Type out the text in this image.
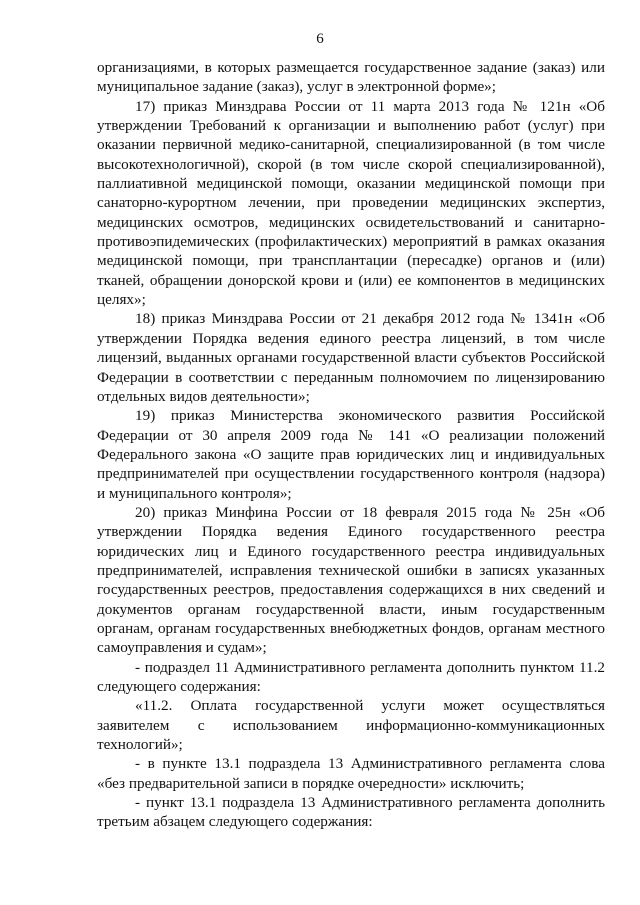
6

организациями, в которых размещается государственное задание (заказ) или муниципальное задание (заказ), услуг в электронной форме»;

17) приказ Минздрава России от 11 марта 2013 года № 121н «Об утверждении Требований к организации и выполнению работ (услуг) при оказании первичной медико-санитарной, специализированной (в том числе высокотехнологичной), скорой (в том числе скорой специализированной), паллиативной медицинской помощи, оказании медицинской помощи при санаторно-курортном лечении, при проведении медицинских экспертиз, медицинских осмотров, медицинских освидетельствований и санитарно-противоэпидемических (профилактических) мероприятий в рамках оказания медицинской помощи, при трансплантации (пересадке) органов и (или) тканей, обращении донорской крови и (или) ее компонентов в медицинских целях»;

18) приказ Минздрава России от 21 декабря 2012 года № 1341н «Об утверждении Порядка ведения единого реестра лицензий, в том числе лицензий, выданных органами государственной власти субъектов Российской Федерации в соответствии с переданным полномочием по лицензированию отдельных видов деятельности»;

19) приказ Министерства экономического развития Российской Федерации от 30 апреля 2009 года № 141 «О реализации положений Федерального закона «О защите прав юридических лиц и индивидуальных предпринимателей при осуществлении государственного контроля (надзора) и муниципального контроля»;

20) приказ Минфина России от 18 февраля 2015 года № 25н «Об утверждении Порядка ведения Единого государственного реестра юридических лиц и Единого государственного реестра индивидуальных предпринимателей, исправления технической ошибки в записях указанных государственных реестров, предоставления содержащихся в них сведений и документов органам государственной власти, иным государственным органам, органам государственных внебюджетных фондов, органам местного самоуправления и судам»;

- подраздел 11 Административного регламента дополнить пунктом 11.2 следующего содержания:

«11.2. Оплата государственной услуги может осуществляться заявителем с использованием информационно-коммуникационных технологий»;

- в пункте 13.1 подраздела 13 Административного регламента слова «без предварительной записи в порядке очередности» исключить;

- пункт 13.1 подраздела 13 Административного регламента дополнить третьим абзацем следующего содержания:
